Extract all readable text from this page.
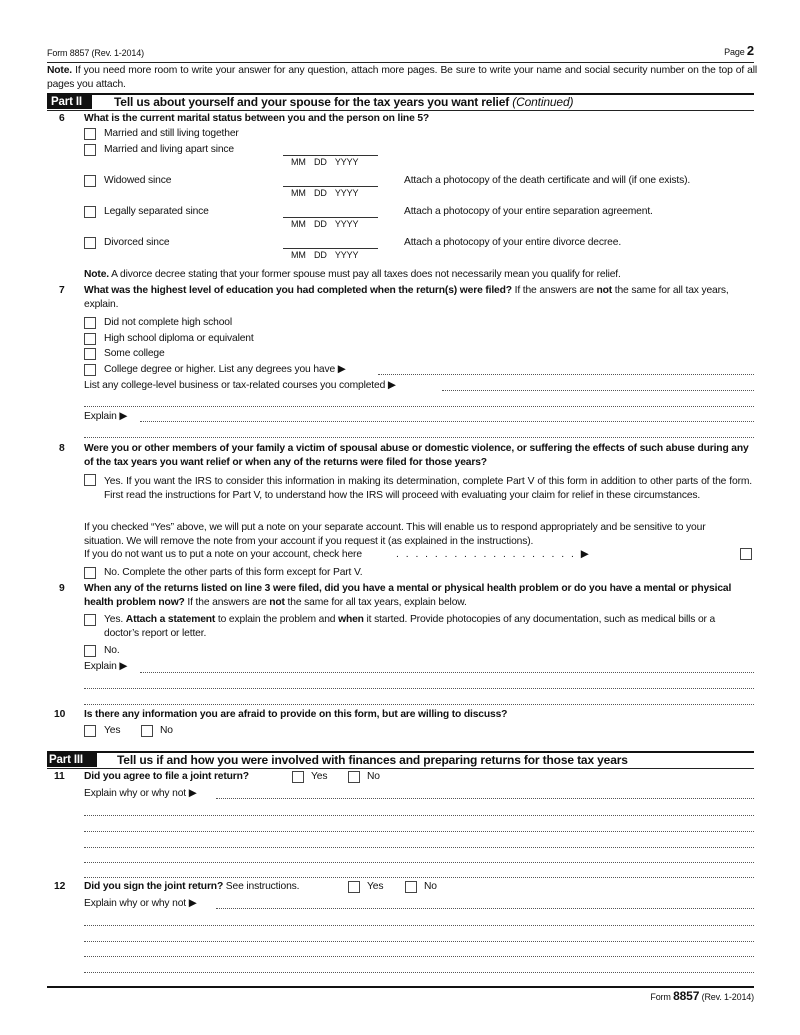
Form 8857 (Rev. 1-2014)	Page 2
Note. If you need more room to write your answer for any question, attach more pages. Be sure to write your name and social security number on the top of all pages you attach.
Part II	Tell us about yourself and your spouse for the tax years you want relief (Continued)
6 What is the current marital status between you and the person on line 5?
Married and still living together
Married and living apart since
MM DD YYYY
Widowed since
MM DD YYYY
Attach a photocopy of the death certificate and will (if one exists).
Legally separated since
MM DD YYYY
Attach a photocopy of your entire separation agreement.
Divorced since
MM DD YYYY
Attach a photocopy of your entire divorce decree.
Note. A divorce decree stating that your former spouse must pay all taxes does not necessarily mean you qualify for relief.
7 What was the highest level of education you had completed when the return(s) were filed? If the answers are not the same for all tax years, explain.
Did not complete high school
High school diploma or equivalent
Some college
College degree or higher. List any degrees you have ▶
List any college-level business or tax-related courses you completed ▶
Explain ▶
8 Were you or other members of your family a victim of spousal abuse or domestic violence, or suffering the effects of such abuse during any of the tax years you want relief or when any of the returns were filed for those years?
Yes. If you want the IRS to consider this information in making its determination, complete Part V of this form in addition to other parts of the form. First read the instructions for Part V, to understand how the IRS will proceed with evaluating your claim for relief in these circumstances.
If you checked “Yes” above, we will put a note on your separate account. This will enable us to respond appropriately and be sensitive to your situation. We will remove the note from your account if you request it (as explained in the instructions).
If you do not want us to put a note on your account, check here	. . . . . . . . . . . . . . . . . . . ▶
No. Complete the other parts of this form except for Part V.
9 When any of the returns listed on line 3 were filed, did you have a mental or physical health problem or do you have a mental or physical health problem now? If the answers are not the same for all tax years, explain below.
Yes. Attach a statement to explain the problem and when it started. Provide photocopies of any documentation, such as medical bills or a doctor’s report or letter.
No.
Explain ▶
10 Is there any information you are afraid to provide on this form, but are willing to discuss?
Yes	No
Part III	Tell us if and how you were involved with finances and preparing returns for those tax years
11 Did you agree to file a joint return?	Yes	No
Explain why or why not ▶
12 Did you sign the joint return? See instructions.	Yes	No
Explain why or why not ▶
Form 8857 (Rev. 1-2014)
